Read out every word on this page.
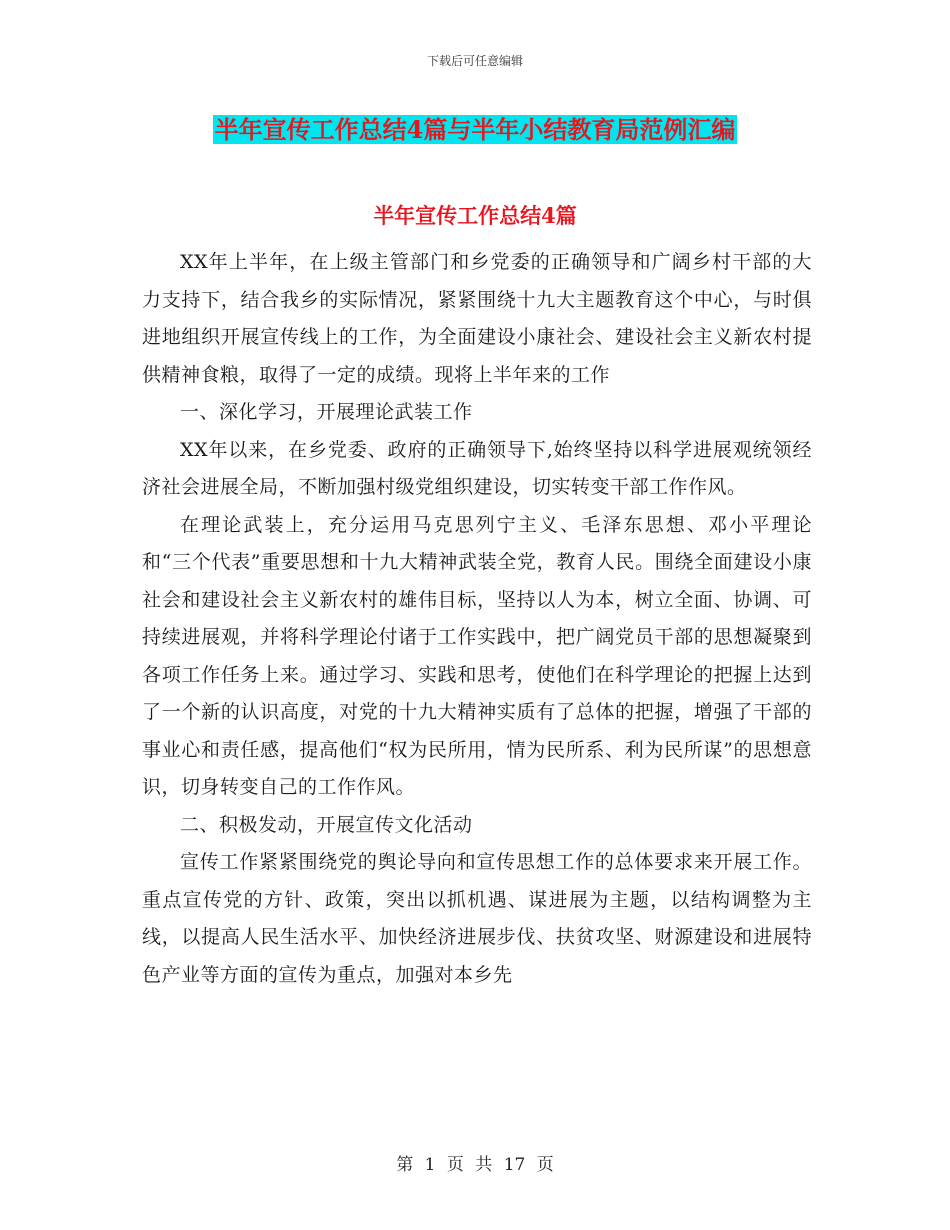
下载后可任意编辑
半年宣传工作总结4篇与半年小结教育局范例汇编
半年宣传工作总结4篇

XX年上半年，在上级主管部门和乡党委的正确领导和广阔乡村干部的大力支持下，结合我乡的实际情况，紧紧围绕十九大主题教育这个中心，与时俱进地组织开展宣传线上的工作，为全面建设小康社会、建设社会主义新农村提供精神食粮，取得了一定的成绩。现将上半年来的工作

一、深化学习，开展理论武装工作

XX年以来，在乡党委、政府的正确领导下,始终坚持以科学进展观统领经济社会进展全局，不断加强村级党组织建设，切实转变干部工作作风。

在理论武装上，充分运用马克思列宁主义、毛泽东思想、邓小平理论和“三个代表”重要思想和十九大精神武装全党，教育人民。围绕全面建设小康社会和建设社会主义新农村的雄伟目标，坚持以人为本，树立全面、协调、可持续进展观，并将科学理论付诸于工作实践中，把广阔党员干部的思想凝聚到各项工作任务上来。通过学习、实践和思考，使他们在科学理论的把握上达到了一个新的认识高度，对党的十九大精神实质有了总体的把握，增强了干部的事业心和责任感，提高他们“权为民所用，情为民所系、利为民所谋”的思想意识，切身转变自己的工作作风。

二、积极发动，开展宣传文化活动

宣传工作紧紧围绕党的舆论导向和宣传思想工作的总体要求来开展工作。重点宣传党的方针、政策，突出以抓机遇、谋进展为主题，以结构调整为主线，以提高人民生活水平、加快经济进展步伐、扶贫攻坚、财源建设和进展特色产业等方面的宣传为重点，加强对本乡先

第 1 页 共 17 页
